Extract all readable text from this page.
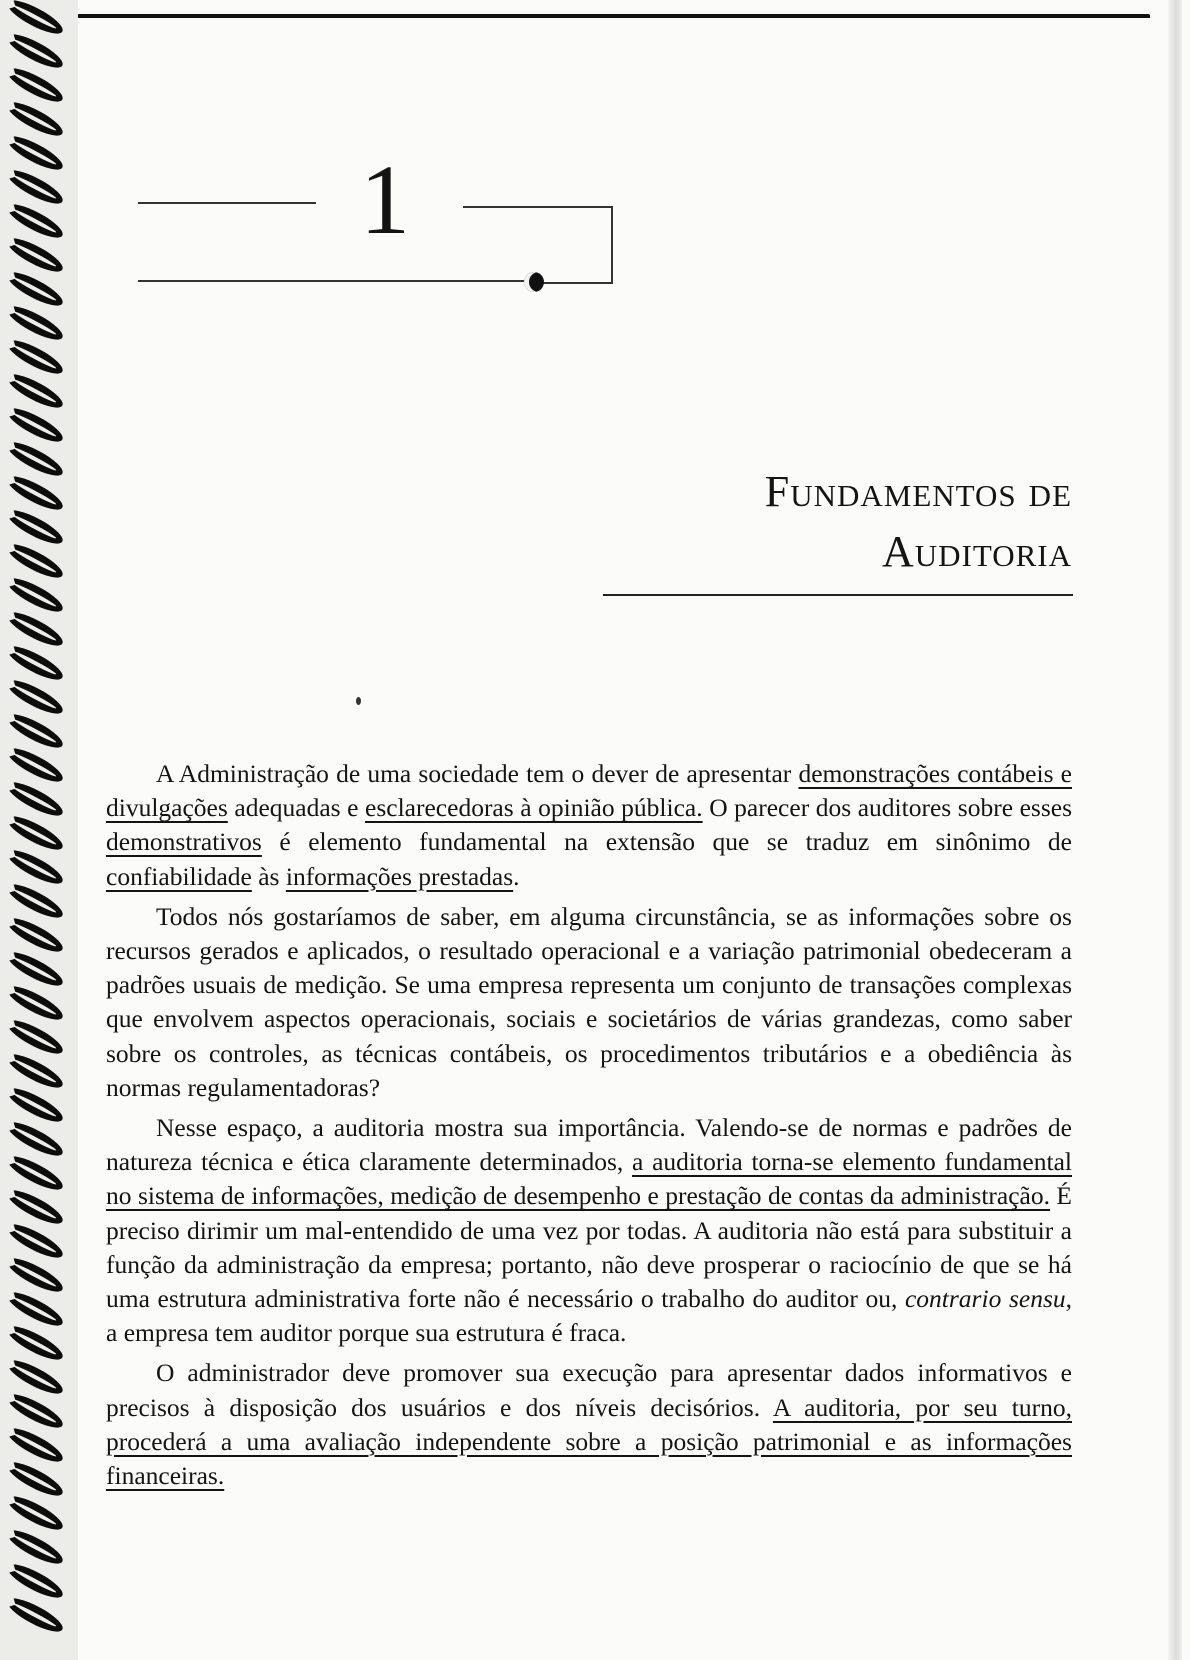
1
Fundamentos de
Auditoria

A Administração de uma sociedade tem o dever de apresentar demonstrações contábeis e divulgações adequadas e esclarecedoras à opinião pública. O parecer dos auditores sobre esses demonstrativos é elemento fundamental na extensão que se traduz em sinônimo de confiabilidade às informações prestadas.

Todos nós gostaríamos de saber, em alguma circunstância, se as informações sobre os recursos gerados e aplicados, o resultado operacional e a variação patrimonial obedeceram a padrões usuais de medição. Se uma empresa representa um conjunto de transações complexas que envolvem aspectos operacionais, sociais e societários de várias grandezas, como saber sobre os controles, as técnicas contábeis, os procedimentos tributários e a obediência às normas regulamentadoras?

Nesse espaço, a auditoria mostra sua importância. Valendo-se de normas e padrões de natureza técnica e ética claramente determinados, a auditoria torna-se elemento fundamental no sistema de informações, medição de desempenho e prestação de contas da administração. É preciso dirimir um mal-entendido de uma vez por todas. A auditoria não está para substituir a função da administração da empresa; portanto, não deve prosperar o raciocínio de que se há uma estrutura administrativa forte não é necessário o trabalho do auditor ou, contrario sensu, a empresa tem auditor porque sua estrutura é fraca.

O administrador deve promover sua execução para apresentar dados informativos e precisos à disposição dos usuários e dos níveis decisórios. A auditoria, por seu turno, procederá a uma avaliação independente sobre a posição patrimonial e as informações financeiras.
